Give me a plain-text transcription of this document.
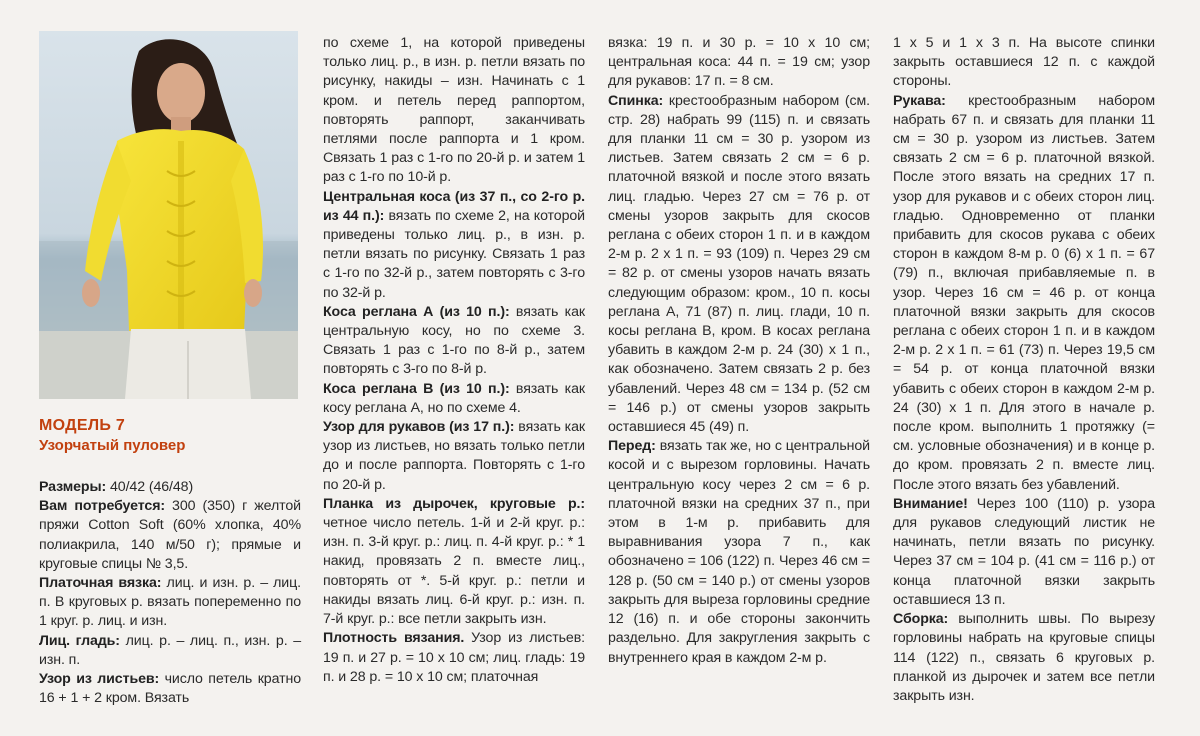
МОДЕЛЬ 7
Узорчатый пуловер

Размеры: 40/42 (46/48)

Вам потребуется: 300 (350) г желтой пряжи Cotton Soft (60% хлопка, 40% полиакрила, 140 м/50 г); прямые и круговые спицы № 3,5.

Платочная вязка: лиц. и изн. р. – лиц. п. В круговых р. вязать попеременно по 1 круг. р. лиц. и изн.

Лиц. гладь: лиц. р. – лиц. п., изн. р. – изн. п.

Узор из листьев: число петель кратно 16 + 1 + 2 кром. Вязать

по схеме 1, на которой приведены только лиц. р., в изн. р. петли вязать по рисунку, накиды – изн. Начинать с 1 кром. и петель перед раппортом, повторять раппорт, заканчивать петлями после раппорта и 1 кром. Связать 1 раз с 1-го по 20-й р. и затем 1 раз с 1-го по 10-й р.

Центральная коса (из 37 п., со 2-го р. из 44 п.): вязать по схеме 2, на которой приведены только лиц. р., в изн. р. петли вязать по рисунку. Связать 1 раз с 1-го по 32-й р., затем повторять с 3-го по 32-й р.

Коса реглана А (из 10 п.): вязать как центральную косу, но по схеме 3. Связать 1 раз с 1-го по 8-й р., затем повторять с 3-го по 8-й р.

Коса реглана В (из 10 п.): вязать как косу реглана А, но по схеме 4.

Узор для рукавов (из 17 п.): вязать как узор из листьев, но вязать только петли до и после раппорта. Повторять с 1-го по 20-й р.

Планка из дырочек, круговые р.: четное число петель. 1-й и 2-й круг. р.: изн. п. 3-й круг. р.: лиц. п. 4-й круг. р.: * 1 накид, провязать 2 п. вместе лиц., повторять от *. 5-й круг. р.: петли и накиды вязать лиц. 6-й круг. р.: изн. п. 7-й круг. р.: все петли закрыть изн.

Плотность вязания. Узор из листьев: 19 п. и 27 р. = 10 х 10 см; лиц. гладь: 19 п. и 28 р. = 10 х 10 см; платочная

вязка: 19 п. и 30 р. = 10 х 10 см; центральная коса: 44 п. = 19 см; узор для рукавов: 17 п. = 8 см.

Спинка: крестообразным набором (см. стр. 28) набрать 99 (115) п. и связать для планки 11 см = 30 р. узором из листьев. Затем связать 2 см = 6 р. платочной вязкой и после этого вязать лиц. гладью. Через 27 см = 76 р. от смены узоров закрыть для скосов реглана с обеих сторон 1 п. и в каждом 2-м р. 2 х 1 п. = 93 (109) п. Через 29 см = 82 р. от смены узоров начать вязать следующим образом: кром., 10 п. косы реглана А, 71 (87) п. лиц. глади, 10 п. косы реглана В, кром. В косах реглана убавить в каждом 2-м р. 24 (30) х 1 п., как обозначено. Затем связать 2 р. без убавлений. Через 48 см = 134 р. (52 см = 146 р.) от смены узоров закрыть оставшиеся 45 (49) п.

Перед: вязать так же, но с центральной косой и с вырезом горловины. Начать центральную косу через 2 см = 6 р. платочной вязки на средних 37 п., при этом в 1-м р. прибавить для выравнивания узора 7 п., как обозначено = 106 (122) п. Через 46 см = 128 р. (50 см = 140 р.) от смены узоров закрыть для выреза горловины средние 12 (16) п. и обе стороны закончить раздельно. Для закругления закрыть с внутреннего края в каждом 2-м р.

1 х 5 и 1 х 3 п. На высоте спинки закрыть оставшиеся 12 п. с каждой стороны.

Рукава: крестообразным набором набрать 67 п. и связать для планки 11 см = 30 р. узором из листьев. Затем связать 2 см = 6 р. платочной вязкой. После этого вязать на средних 17 п. узор для рукавов и с обеих сторон лиц. гладью. Одновременно от планки прибавить для скосов рукава с обеих сторон в каждом 8-м р. 0 (6) х 1 п. = 67 (79) п., включая прибавляемые п. в узор. Через 16 см = 46 р. от конца платочной вязки закрыть для скосов реглана с обеих сторон 1 п. и в каждом 2-м р. 2 х 1 п. = 61 (73) п. Через 19,5 см = 54 р. от конца платочной вязки убавить с обеих сторон в каждом 2-м р. 24 (30) х 1 п. Для этого в начале р. после кром. выполнить 1 протяжку (= см. условные обозначения) и в конце р. до кром. провязать 2 п. вместе лиц. После этого вязать без убавлений.

Внимание! Через 100 (110) р. узора для рукавов следующий листик не начинать, петли вязать по рисунку. Через 37 см = 104 р. (41 см = 116 р.) от конца платочной вязки закрыть оставшиеся 13 п.

Сборка: выполнить швы. По вырезу горловины набрать на круговые спицы 114 (122) п., связать 6 круговых р. планкой из дырочек и затем все петли закрыть изн.
